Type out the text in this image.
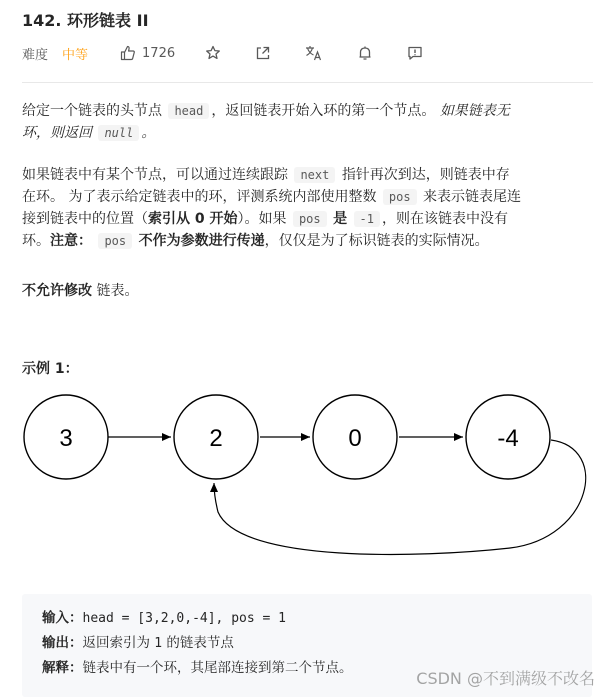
142. 环形链表 II
难度 中等	1726

给定一个链表的头节点 head ，返回链表开始入环的第一个节点。 如果链表无
环，则返回 null 。

如果链表中有某个节点，可以通过连续跟踪 next 指针再次到达，则链表中存
在环。 为了表示给定链表中的环，评测系统内部使用整数 pos 来表示链表尾连
接到链表中的位置（索引从 0 开始）。如果 pos 是 -1 ，则在该链表中没有
环。注意： pos 不作为参数进行传递，仅仅是为了标识链表的实际情况。

不允许修改 链表。

示例 1：
3	2	0	-4
输入：head = [3,2,0,-4], pos = 1
输出：返回索引为 1 的链表节点
解释：链表中有一个环，其尾部连接到第二个节点。
CSDN @不到满级不改名
